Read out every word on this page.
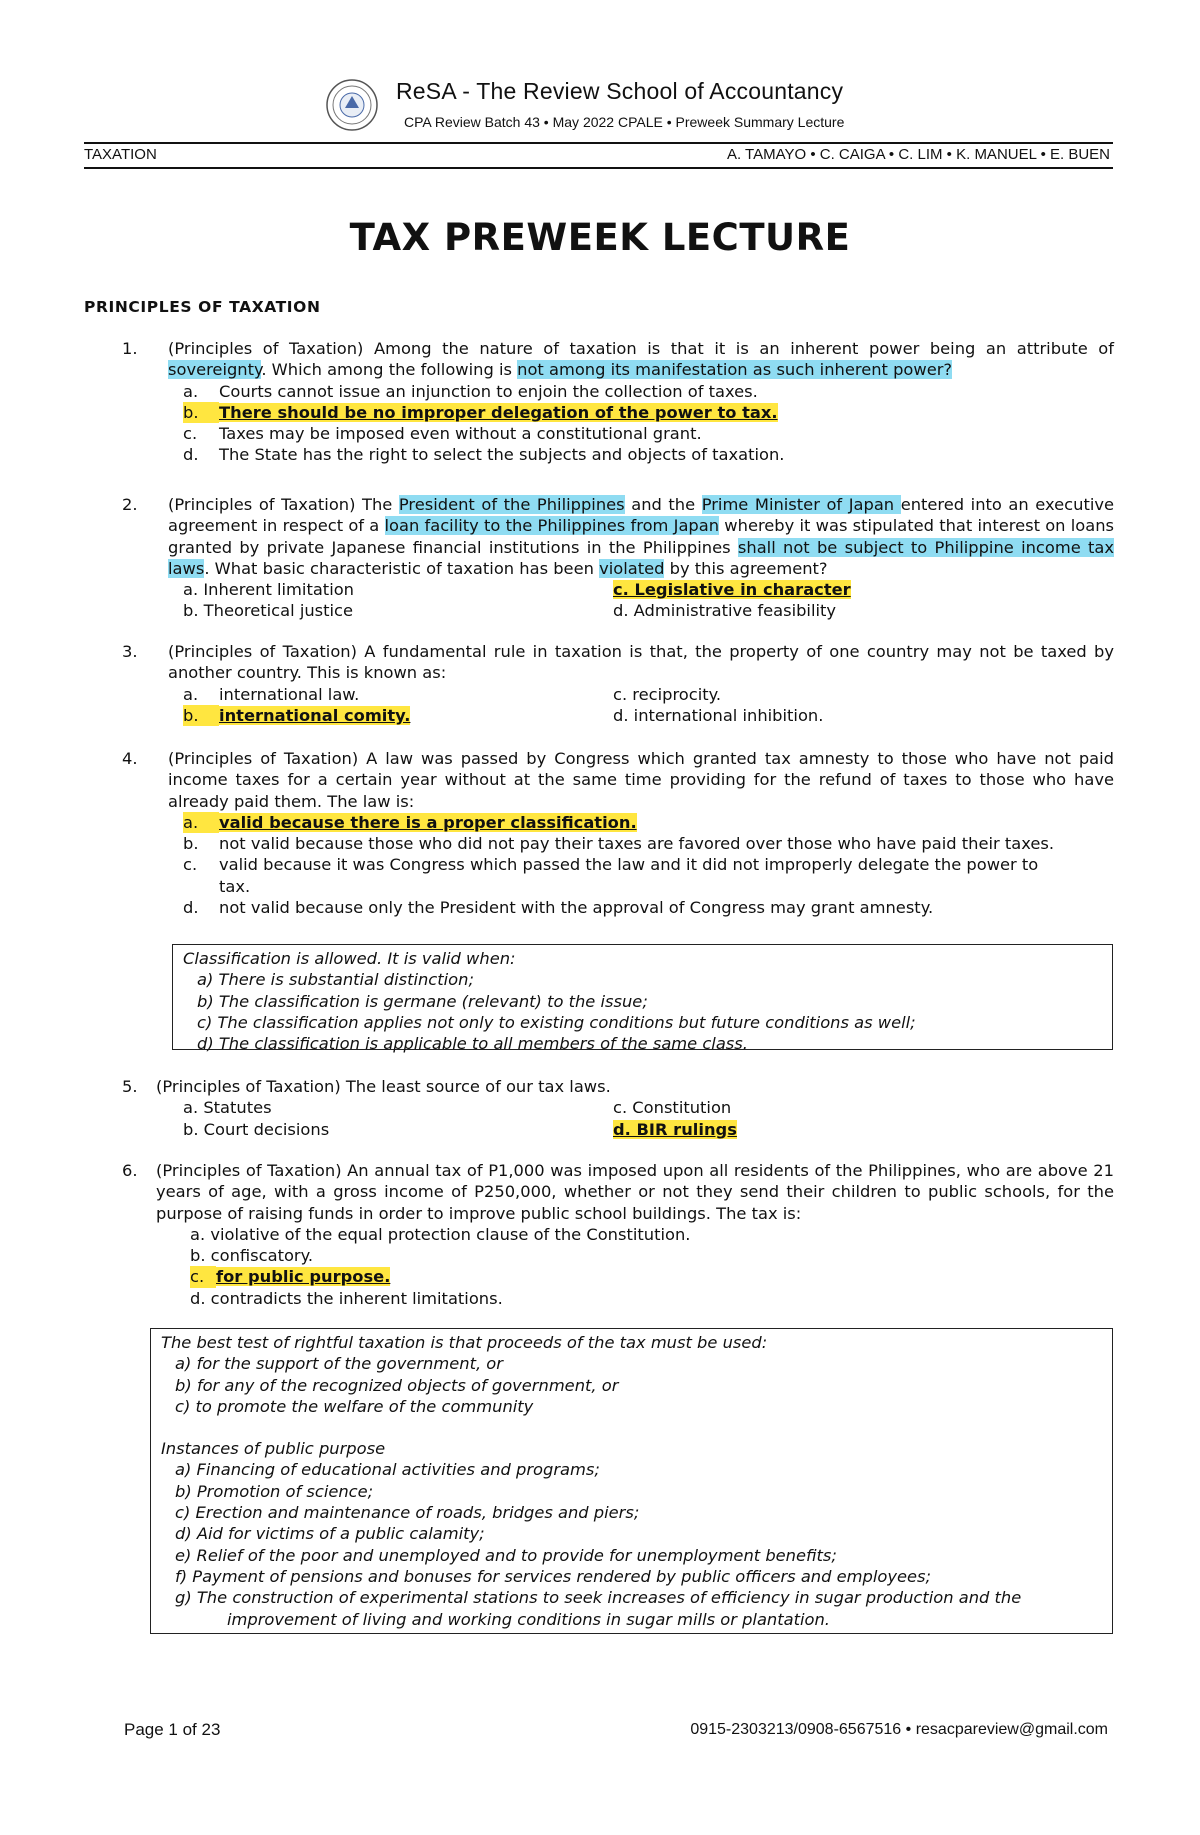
ReSA - The Review School of Accountancy
CPA Review Batch 43 • May 2022 CPALE • Preweek Summary Lecture
TAXATION	A. TAMAYO • C. CAIGA • C. LIM • K. MANUEL • E. BUEN
TAX PREWEEK LECTURE
PRINCIPLES OF TAXATION
1. (Principles of Taxation) Among the nature of taxation is that it is an inherent power being an attribute of sovereignty. Which among the following is not among its manifestation as such inherent power?
a. Courts cannot issue an injunction to enjoin the collection of taxes.
b. There should be no improper delegation of the power to tax.
c. Taxes may be imposed even without a constitutional grant.
d. The State has the right to select the subjects and objects of taxation.
2. (Principles of Taxation) The President of the Philippines and the Prime Minister of Japan entered into an executive agreement in respect of a loan facility to the Philippines from Japan whereby it was stipulated that interest on loans granted by private Japanese financial institutions in the Philippines shall not be subject to Philippine income tax laws. What basic characteristic of taxation has been violated by this agreement?
a. Inherent limitation	c. Legislative in character
b. Theoretical justice	d. Administrative feasibility
3. (Principles of Taxation) A fundamental rule in taxation is that, the property of one country may not be taxed by another country. This is known as:
a. international law.	c. reciprocity.
b. international comity.	d. international inhibition.
4. (Principles of Taxation) A law was passed by Congress which granted tax amnesty to those who have not paid income taxes for a certain year without at the same time providing for the refund of taxes to those who have already paid them. The law is:
a. valid because there is a proper classification.
b. not valid because those who did not pay their taxes are favored over those who have paid their taxes.
c. valid because it was Congress which passed the law and it did not improperly delegate the power to
tax.
d. not valid because only the President with the approval of Congress may grant amnesty.
Classification is allowed. It is valid when:
a) There is substantial distinction;
b) The classification is germane (relevant) to the issue;
c) The classification applies not only to existing conditions but future conditions as well;
d) The classification is applicable to all members of the same class.
5. (Principles of Taxation) The least source of our tax laws.
a. Statutes	c. Constitution
b. Court decisions	d. BIR rulings
6. (Principles of Taxation) An annual tax of P1,000 was imposed upon all residents of the Philippines, who are above 21 years of age, with a gross income of P250,000, whether or not they send their children to public schools, for the purpose of raising funds in order to improve public school buildings. The tax is:
a. violative of the equal protection clause of the Constitution.
b. confiscatory.
c. for public purpose.
d. contradicts the inherent limitations.
The best test of rightful taxation is that proceeds of the tax must be used:
a) for the support of the government, or
b) for any of the recognized objects of government, or
c) to promote the welfare of the community
Instances of public purpose
a) Financing of educational activities and programs;
b) Promotion of science;
c) Erection and maintenance of roads, bridges and piers;
d) Aid for victims of a public calamity;
e) Relief of the poor and unemployed and to provide for unemployment benefits;
f) Payment of pensions and bonuses for services rendered by public officers and employees;
g) The construction of experimental stations to seek increases of efficiency in sugar production and the
improvement of living and working conditions in sugar mills or plantation.
Page 1 of 23	0915-2303213/0908-6567516 • resacpareview@gmail.com
